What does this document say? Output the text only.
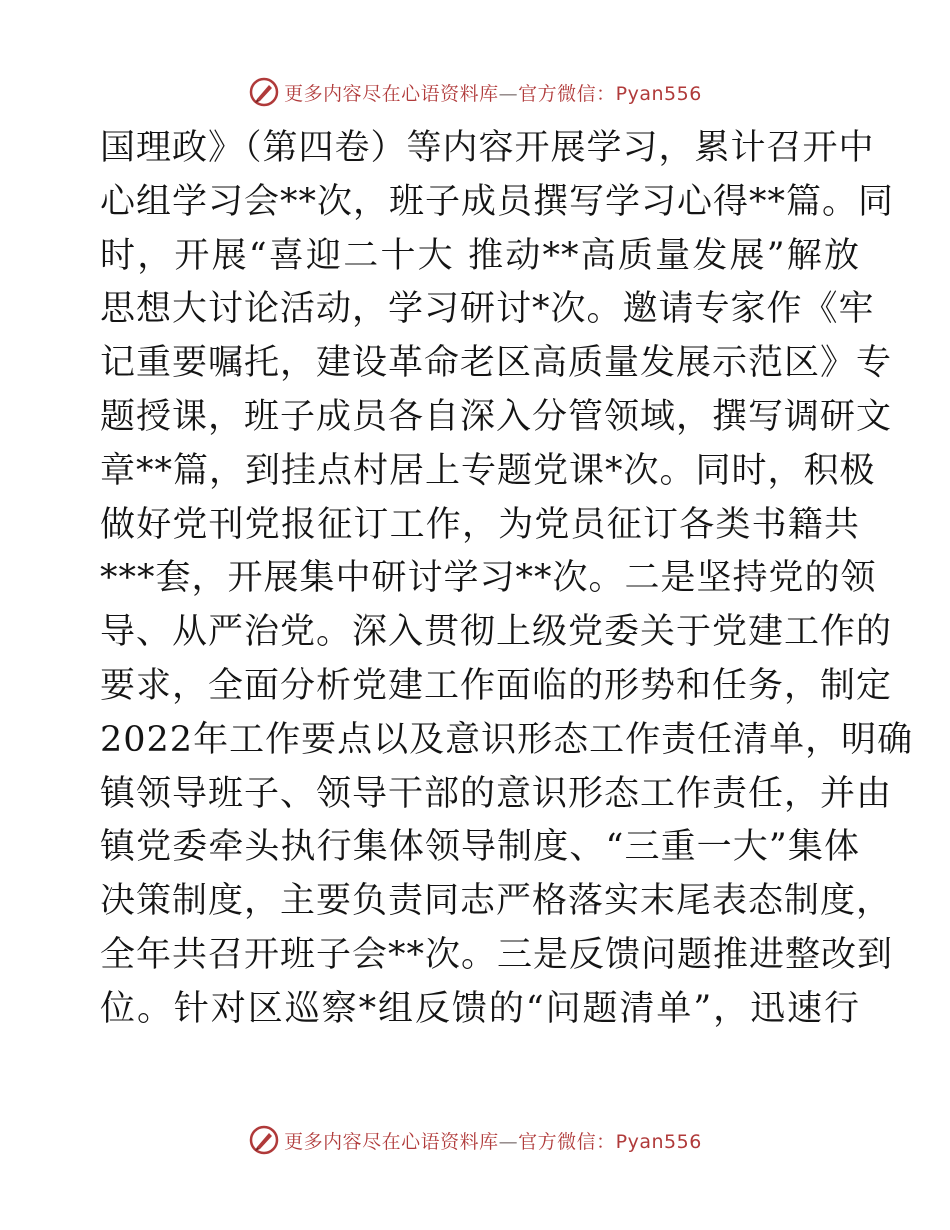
更多内容尽在心语资料库—官方微信：Pyan556
国理政》（第四卷）等内容开展学习，累计召开中
心组学习会**次，班子成员撰写学习心得**篇。同
时，开展“喜迎二十大 推动**高质量发展”解放
思想大讨论活动，学习研讨*次。邀请专家作《牢
记重要嘱托，建设革命老区高质量发展示范区》专
题授课，班子成员各自深入分管领域，撰写调研文
章**篇，到挂点村居上专题党课*次。同时，积极
做好党刊党报征订工作，为党员征订各类书籍共
***套，开展集中研讨学习**次。二是坚持党的领
导、从严治党。深入贯彻上级党委关于党建工作的
要求，全面分析党建工作面临的形势和任务，制定
2022年工作要点以及意识形态工作责任清单，明确
镇领导班子、领导干部的意识形态工作责任，并由
镇党委牵头执行集体领导制度、“三重一大”集体
决策制度，主要负责同志严格落实末尾表态制度，
全年共召开班子会**次。三是反馈问题推进整改到
位。针对区巡察*组反馈的“问题清单”，迅速行
更多内容尽在心语资料库—官方微信：Pyan556
